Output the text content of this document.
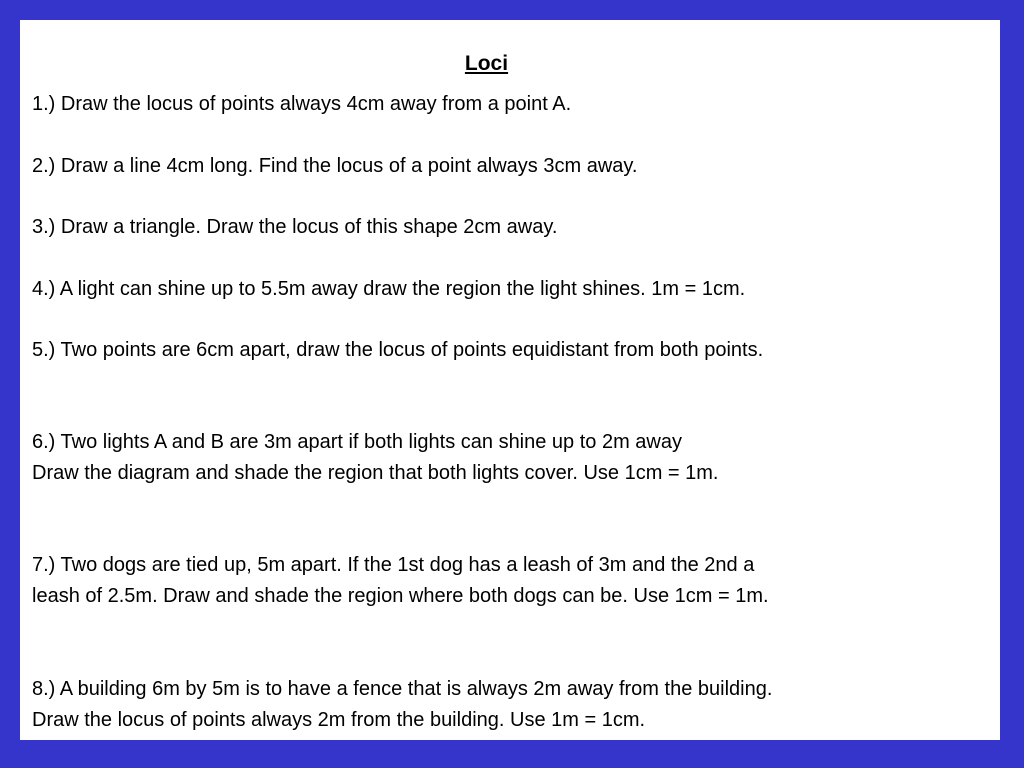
Loci
1.) Draw the locus of points always 4cm away from a point A.
2.) Draw a line 4cm long. Find the locus of a point always 3cm away.
3.) Draw a triangle. Draw the locus of this shape 2cm away.
4.) A light can shine up to 5.5m away draw the region the light shines. 1m = 1cm.
5.) Two points are 6cm apart, draw the locus of points equidistant from both points.
6.) Two lights A and B are 3m apart if both lights can shine up to 2m away
Draw the diagram and shade the region that both lights cover. Use 1cm = 1m.
7.) Two dogs are tied up, 5m apart. If the 1st dog has a leash of 3m and the 2nd a
leash of 2.5m. Draw and shade the region where both dogs can be. Use 1cm = 1m.
8.) A building 6m by 5m is to have a fence that is always 2m away from the building.
Draw the locus of points always 2m from the building. Use 1m = 1cm.
